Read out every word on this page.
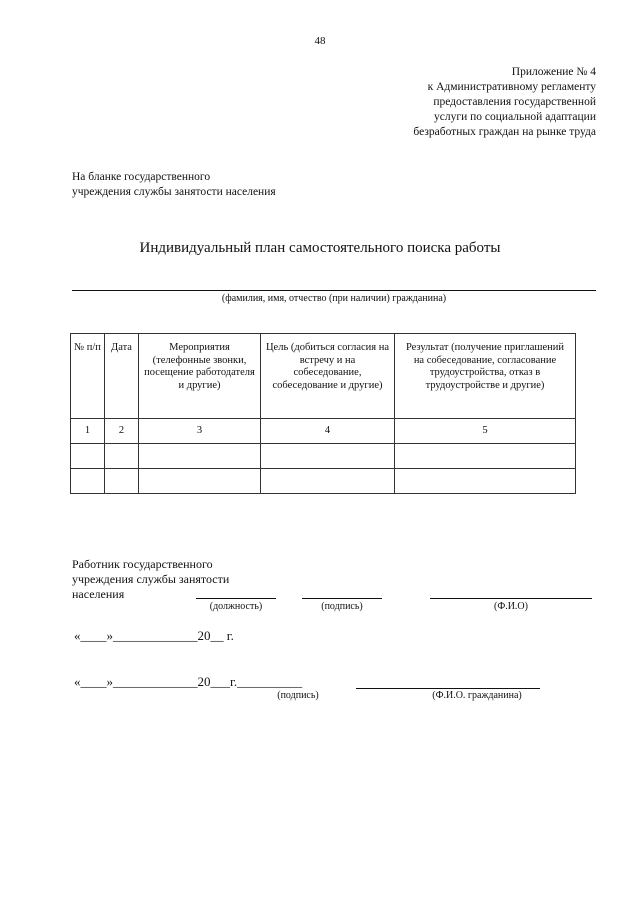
48
Приложение № 4
к Административному регламенту
предоставления государственной
услуги по социальной адаптации
безработных граждан на рынке труда
На бланке государственного
учреждения службы занятости населения
Индивидуальный план самостоятельного поиска работы
(фамилия, имя, отчество (при наличии) гражданина)
№ п/п	Дата	Мероприятия (телефонные звонки, посещение работодателя и другие)	Цель (добиться согласия на встречу и на собеседование, собеседование и другие)	Результат (получение приглашений на собеседование, согласование трудоустройства, отказ в трудоустройстве и другие)
1	2	3	4	5

Работник государственного
учреждения службы занятости
населения
(должность)	(подпись)	(Ф.И.О)
«____»_____________20__ г.
«____»_____________20___г.__________
(подпись)	(Ф.И.О. гражданина)
